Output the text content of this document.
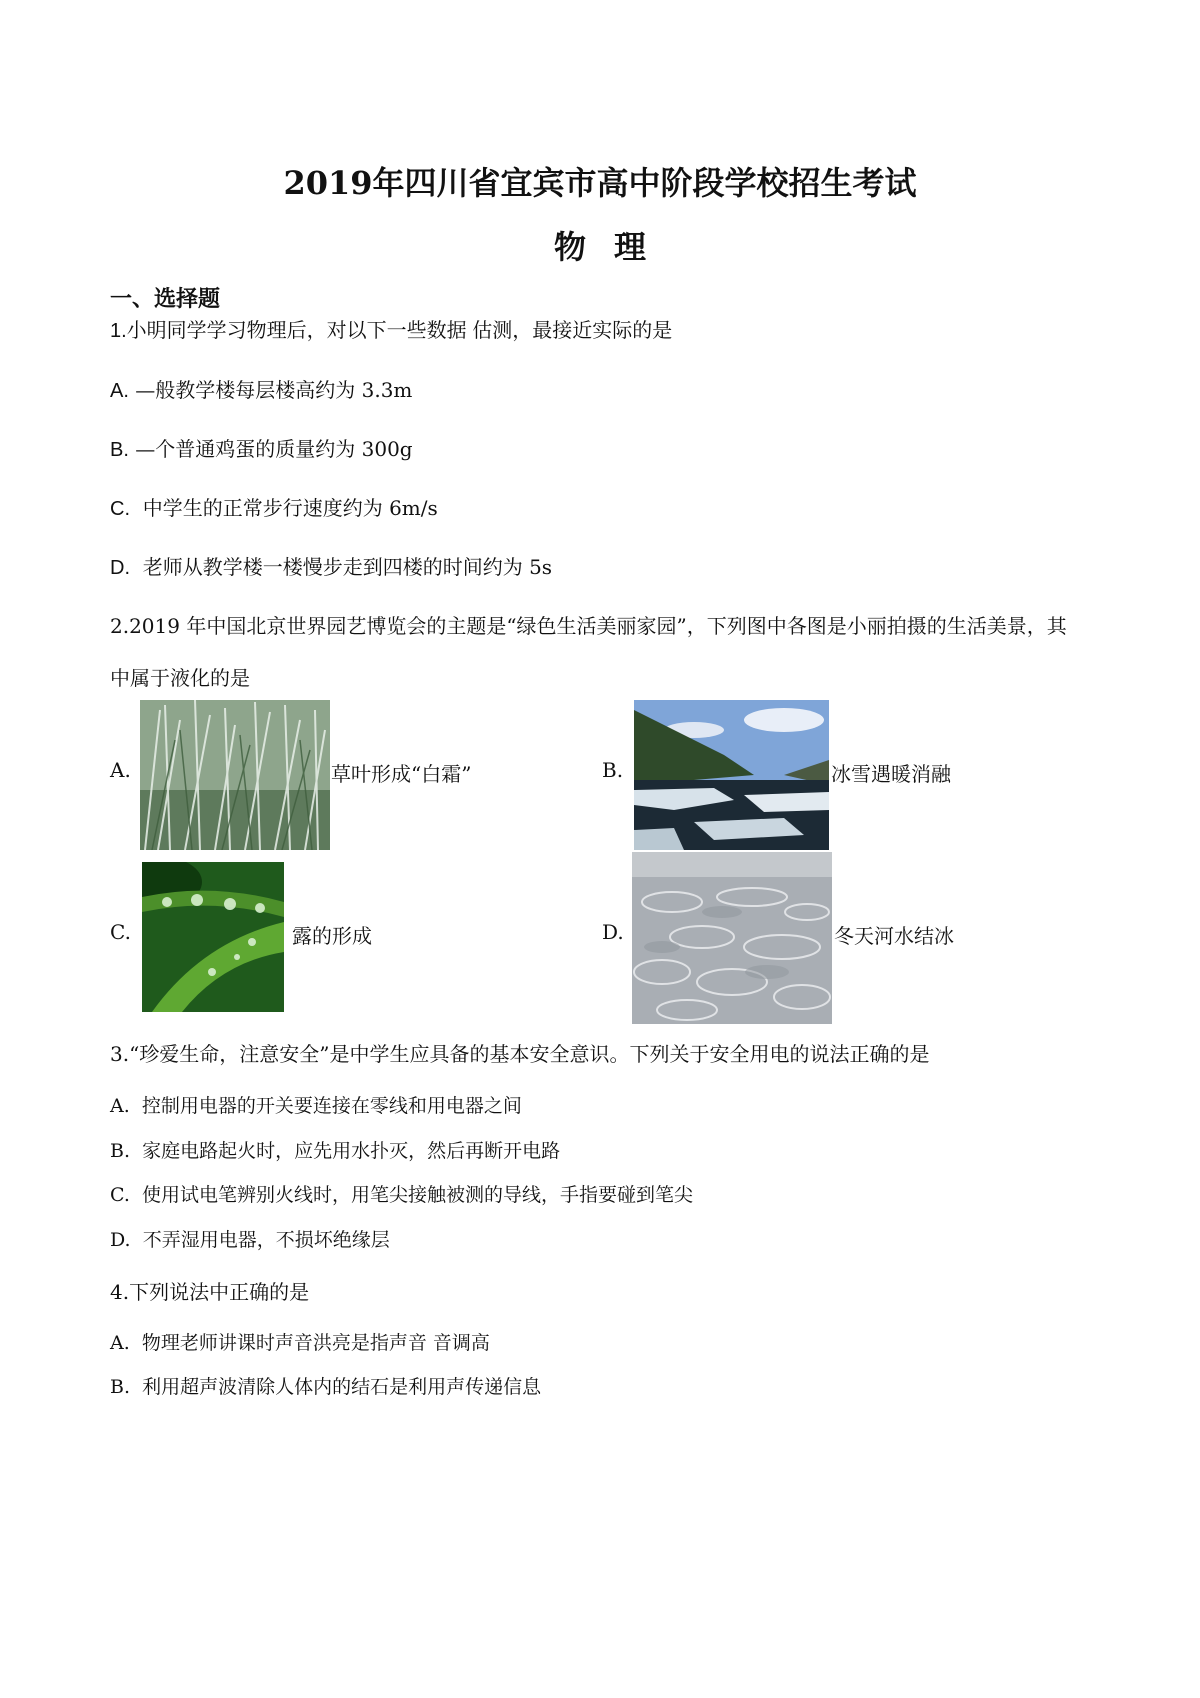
2019年四川省宜宾市高中阶段学校招生考试
物理
一、选择题
1.小明同学学习物理后，对以下一些数据 估测，最接近实际的是
A. —般教学楼每层楼高约为 3.3m
B. —个普通鸡蛋的质量约为 300g
C. 中学生的正常步行速度约为 6m/s
D. 老师从教学楼一楼慢步走到四楼的时间约为 5s
2.2019 年中国北京世界园艺博览会的主题是“绿色生活美丽家园”，下列图中各图是小丽拍摄的生活美景，其
中属于液化的是
A.	草叶形成“白霜”	B.	冰雪遇暖消融
C.	露的形成	D.	冬天河水结冰
3.“珍爱生命，注意安全”是中学生应具备的基本安全意识。下列关于安全用电的说法正确的是
A. 控制用电器的开关要连接在零线和用电器之间
B. 家庭电路起火时，应先用水扑灭，然后再断开电路
C. 使用试电笔辨别火线时，用笔尖接触被测的导线，手指要碰到笔尖
D. 不弄湿用电器，不损坏绝缘层
4.下列说法中正确的是
A. 物理老师讲课时声音洪亮是指声音 音调高
B. 利用超声波清除人体内的结石是利用声传递信息
